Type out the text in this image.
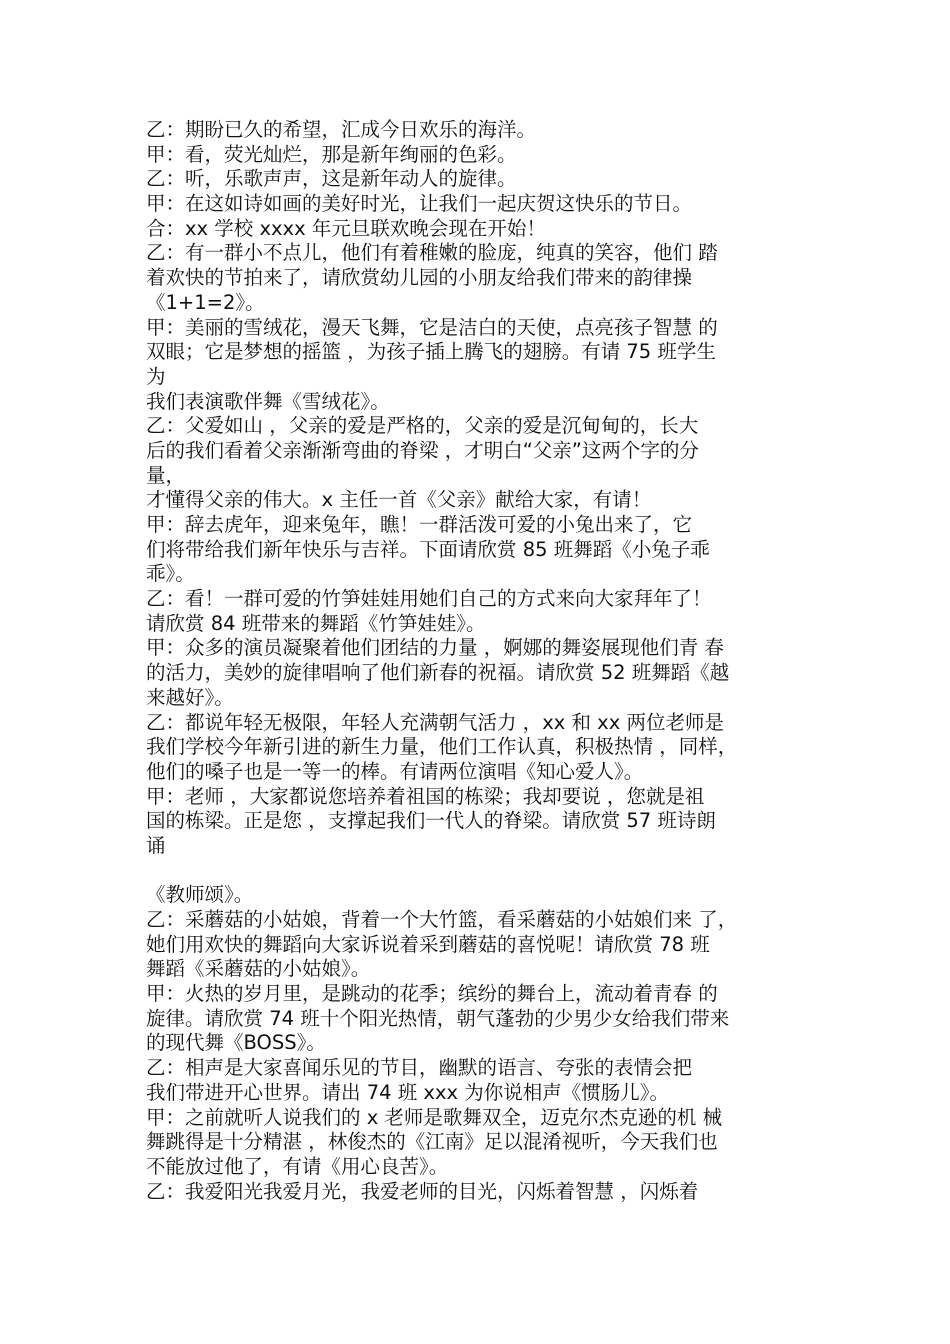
乙：期盼已久的希望，汇成今日欢乐的海洋。
甲：看，荧光灿烂，那是新年绚丽的色彩。
乙：听，乐歌声声，这是新年动人的旋律。
甲：在这如诗如画的美好时光，让我们一起庆贺这快乐的节日。
合：xx 学校 xxxx 年元旦联欢晚会现在开始！
乙：有一群小不点儿，他们有着稚嫩的脸庞，纯真的笑容，他们 踏
着欢快的节拍来了，请欣赏幼儿园的小朋友给我们带来的韵律操
《1+1=2》。
甲：美丽的雪绒花，漫天飞舞，它是洁白的天使，点亮孩子智慧 的
双眼；它是梦想的摇篮 ，为孩子插上腾飞的翅膀。有请 75 班学生
为
我们表演歌伴舞《雪绒花》。
乙：父爱如山 ，父亲的爱是严格的，父亲的爱是沉甸甸的，长大
后的我们看着父亲渐渐弯曲的脊梁 ，才明白“父亲”这两个字的分
量，
才懂得父亲的伟大。x 主任一首《父亲》献给大家，有请！
甲：辞去虎年，迎来兔年，瞧！一群活泼可爱的小兔出来了，它
们将带给我们新年快乐与吉祥。下面请欣赏 85 班舞蹈《小兔子乖
乖》。
乙：看！一群可爱的竹笋娃娃用她们自己的方式来向大家拜年了！
请欣赏 84 班带来的舞蹈《竹笋娃娃》。
甲：众多的演员凝聚着他们团结的力量 ，婀娜的舞姿展现他们青 春
的活力，美妙的旋律唱响了他们新春的祝福。请欣赏 52 班舞蹈《越
来越好》。
乙：都说年轻无极限，年轻人充满朝气活力 ，xx 和 xx 两位老师是
我们学校今年新引进的新生力量，他们工作认真，积极热情 ，同样，
他们的嗓子也是一等一的棒。有请两位演唱《知心爱人》。
甲：老师 ，大家都说您培养着祖国的栋梁；我却要说 ，您就是祖
国的栋梁。正是您 ，支撑起我们一代人的脊梁。请欣赏 57 班诗朗
诵
《教师颂》。
乙：采蘑菇的小姑娘，背着一个大竹篮，看采蘑菇的小姑娘们来 了，
她们用欢快的舞蹈向大家诉说着采到蘑菇的喜悦呢！请欣赏 78 班
舞蹈《采蘑菇的小姑娘》。
甲：火热的岁月里，是跳动的花季；缤纷的舞台上，流动着青春 的
旋律。请欣赏 74 班十个阳光热情，朝气蓬勃的少男少女给我们带来
的现代舞《BOSS》。
乙：相声是大家喜闻乐见的节目，幽默的语言、夸张的表情会把
我们带进开心世界。请出 74 班 xxx 为你说相声《惯肠儿》。
甲：之前就听人说我们的 x 老师是歌舞双全，迈克尔杰克逊的机 械
舞跳得是十分精湛 ，林俊杰的《江南》足以混淆视听，今天我们也
不能放过他了，有请《用心良苦》。
乙：我爱阳光我爱月光，我爱老师的目光，闪烁着智慧 ，闪烁着
